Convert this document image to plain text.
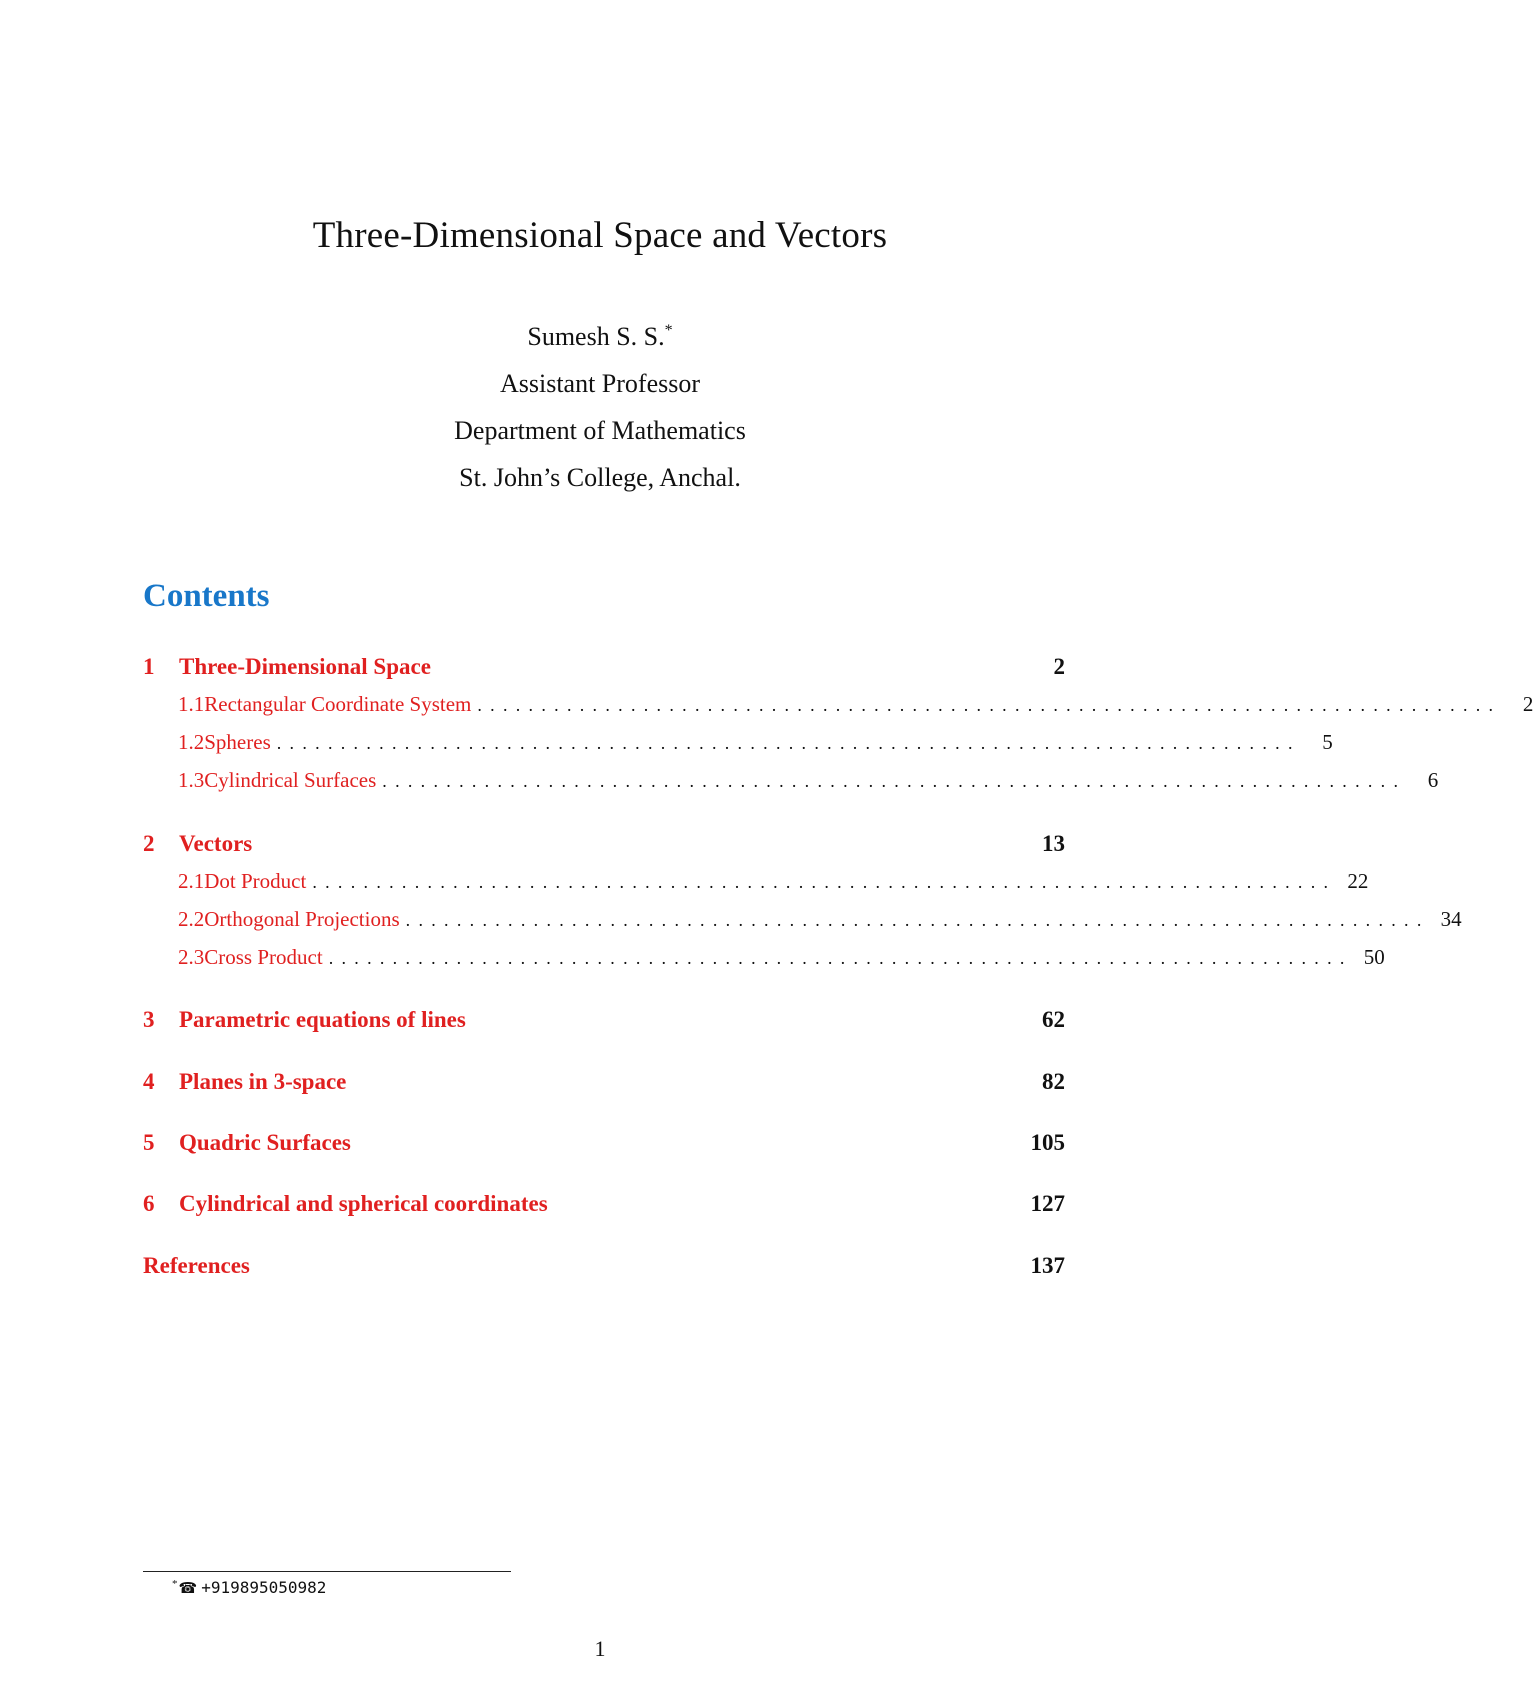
Three-Dimensional Space and Vectors
Sumesh S. S.*
Assistant Professor
Department of Mathematics
St. John’s College, Anchal.
Contents
1	Three-Dimensional Space	2
1.1 Rectangular Coordinate System ................................................................................	2
1.2 Spheres ................................................................................	5
1.3 Cylindrical Surfaces ................................................................................	6
2	Vectors	13
2.1 Dot Product ................................................................................ 22
2.2 Orthogonal Projections ................................................................................ 34
2.3 Cross Product ................................................................................ 50
3	Parametric equations of lines	62
4	Planes in 3-space	82
5	Quadric Surfaces	105
6	Cylindrical and spherical coordinates	127
References	137
*☎ +919895050982
1
